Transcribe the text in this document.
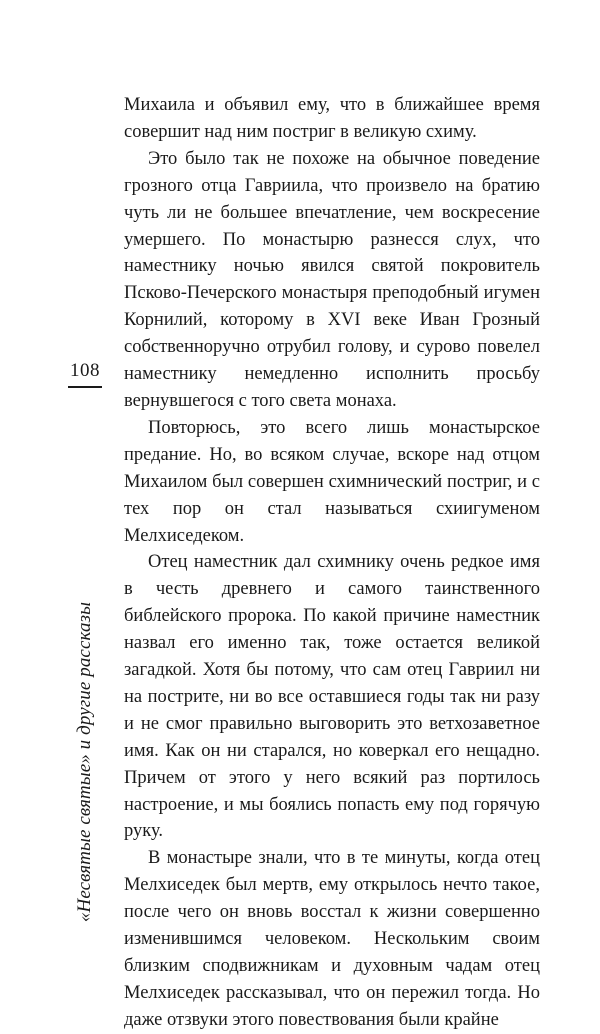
108
«Несвятые святые» и другие рассказы

Михаила и объявил ему, что в ближайшее время совершит над ним постриг в великую схиму.

Это было так не похоже на обычное поведение грозного отца Гавриила, что произвело на братию чуть ли не большее впечатление, чем воскресение умершего. По монастырю разнесся слух, что наместнику ночью явился святой покровитель Псково-Печерского монастыря преподобный игумен Корнилий, которому в XVI веке Иван Грозный собственноручно отрубил голову, и сурово повелел наместнику немедленно исполнить просьбу вернувшегося с того света монаха.

Повторюсь, это всего лишь монастырское предание. Но, во всяком случае, вскоре над отцом Михаилом был совершен схимнический постриг, и с тех пор он стал называться схиигуменом Мелхиседеком.

Отец наместник дал схимнику очень редкое имя в честь древнего и самого таинственного библейского пророка. По какой причине наместник назвал его именно так, тоже остается великой загадкой. Хотя бы потому, что сам отец Гавриил ни на пострите, ни во все оставшиеся годы так ни разу и не смог правильно выговорить это ветхозаветное имя. Как он ни старался, но коверкал его нещадно. Причем от этого у него всякий раз портилось настроение, и мы боялись попасть ему под горячую руку.

В монастыре знали, что в те минуты, когда отец Мелхиседек был мертв, ему открылось нечто такое, после чего он вновь восстал к жизни совершенно изменившимся человеком. Нескольким своим близким сподвижникам и духовным чадам отец Мелхиседек рассказывал, что он пережил тогда. Но даже отзвуки этого повествования были крайне
